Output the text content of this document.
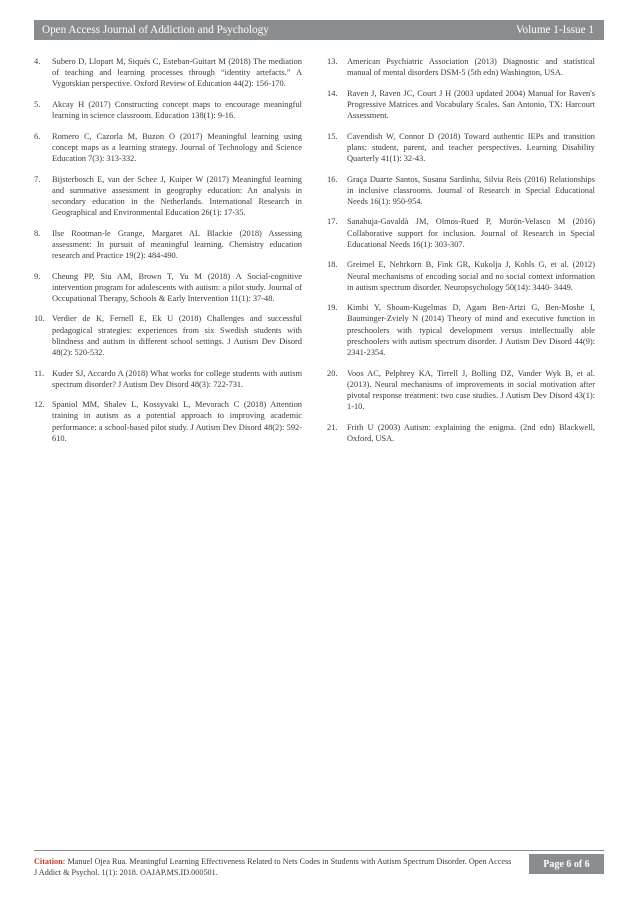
Open Access Journal of Addiction and Psychology	Volume 1-Issue 1
4. Subero D, Llopart M, Siqués C, Esteban-Guitart M (2018) The mediation of teaching and learning processes through “identity artefacts.” A Vygotskian perspective. Oxford Review of Education 44(2): 156-170.
5. Akcay H (2017) Constructing concept maps to encourage meaningful learning in science classroom. Education 138(1): 9-16.
6. Romero C, Cazorla M, Buzon O (2017) Meaningful learning using concept maps as a learning strategy. Journal of Technology and Science Education 7(3): 313-332.
7. Bijsterbosch E, van der Schee J, Kuiper W (2017) Meaningful learning and summative assessment in geography education: An analysis in secondary education in the Netherlands. International Research in Geographical and Environmental Education 26(1): 17-35.
8. Ilse Rootman-le Grange, Margaret AL Blackie (2018) Assessing assessment: In pursuit of meaningful learning. Chemistry education research and Practice 19(2): 484-490.
9. Cheung PP, Siu AM, Brown T, Yu M (2018) A Social-cognitive intervention program for adolescents with autism: a pilot study. Journal of Occupational Therapy, Schools & Early Intervention 11(1): 37-48.
10. Verdier de K, Fernell E, Ek U (2018) Challenges and successful pedagogical strategies: experiences from six Swedish students with blindness and autism in different school settings. J Autism Dev Disord 48(2): 520-532.
11. Kuder SJ, Accardo A (2018) What works for college students with autism spectrum disorder? J Autism Dev Disord 48(3): 722-731.
12. Spaniol MM, Shalev L, Kossyvaki L, Mevorach C (2018) Attention training in autism as a potential approach to improving academic performance: a school-based pilot study. J Autism Dev Disord 48(2): 592-610.
13. American Psychiatric Association (2013) Diagnostic and statistical manual of mental disorders DSM-5 (5th edn) Washington, USA.
14. Raven J, Raven JC, Court J H (2003 updated 2004) Manual for Raven's Progressive Matrices and Vocabulary Scales. San Antonio, TX: Harcourt Assessment.
15. Cavendish W, Connor D (2018) Toward authentic IEPs and transition plans: student, parent, and teacher perspectives. Learning Disability Quarterly 41(1): 32-43.
16. Graça Duarte Santos, Susana Sardinha, Silvia Reis (2016) Relationships in inclusive classrooms. Journal of Research in Special Educational Needs 16(1): 950-954.
17. Sanahuja-Gavaldà JM, Olmos-Rued P, Morón-Velasco M (2016) Collaborative support for inclusion. Journal of Research in Special Educational Needs 16(1): 303-307.
18. Greimel E, Nehrkorn B, Fink GR, Kukolja J, Kohls G, et al. (2012) Neural mechanisms of encoding social and no social context information in autism spectrum disorder. Neuropsychology 50(14): 3440- 3449.
19. Kimhi Y, Shoam-Kugelmas D, Agam Ben-Artzi G, Ben-Moshe I, Bauminger-Zviely N (2014) Theory of mind and executive function in preschoolers with typical development versus intellectually able preschoolers with autism spectrum disorder. J Autism Dev Disord 44(9): 2341-2354.
20. Voos AC, Pelphrey KA, Tirrell J, Bolling DZ, Vander Wyk B, et al. (2013). Neural mechanisms of improvements in social motivation after pivotal response treatment: two case studies. J Autism Dev Disord 43(1): 1-10.
21. Frith U (2003) Autism: explaining the enigma. (2nd edn) Blackwell, Oxford, USA.
Citation: Manuel Ojea Rua. Meaningful Learning Effectiveness Related to Nets Codes in Students with Autism Spectrum Disorder. Open Access J Addict & Psychol. 1(1): 2018. OAJAP.MS.ID.000501.
Page 6 of 6
